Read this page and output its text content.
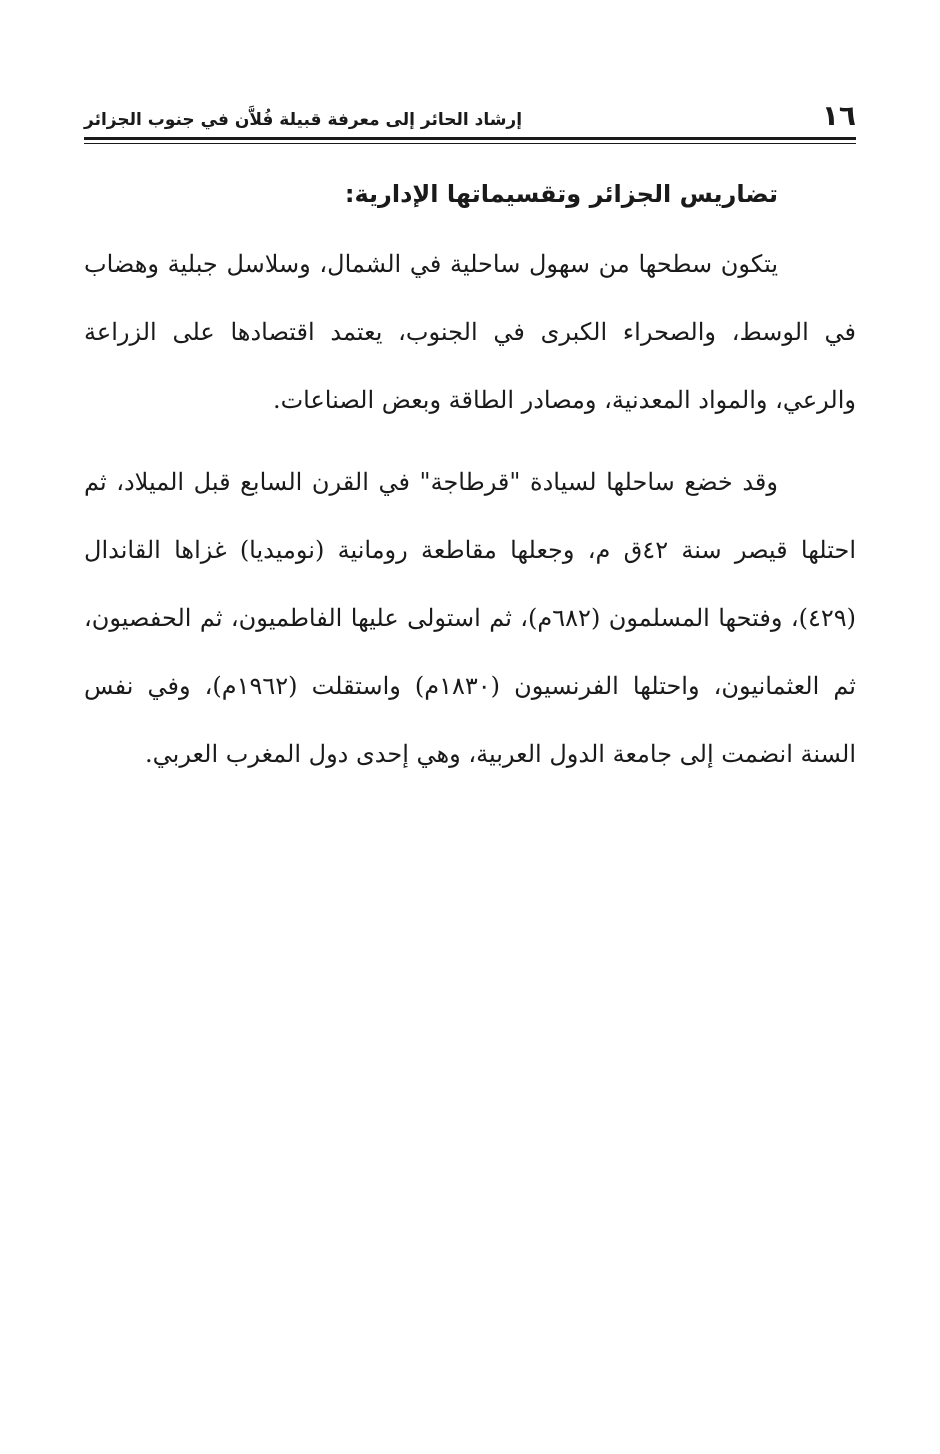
١٦
إرشاد الحائر إلى معرفة قبيلة فُلاَّن في جنوب الجزائر
تضاريس الجزائر وتقسيماتها الإدارية:

يتكون سطحها من سهول ساحلية في الشمال، وسلاسل جبلية وهضاب في الوسط، والصحراء الكبرى في الجنوب، يعتمد اقتصادها على الزراعة والرعي، والمواد المعدنية، ومصادر الطاقة وبعض الصناعات.

وقد خضع ساحلها لسيادة "قرطاجة" في القرن السابع قبل الميلاد، ثم احتلها قيصر سنة ٤٢ق م، وجعلها مقاطعة رومانية (نوميديا) غزاها القاندال (٤٢٩)، وفتحها المسلمون (٦٨٢م)، ثم استولى عليها الفاطميون، ثم الحفصيون، ثم العثمانيون، واحتلها الفرنسيون (١٨٣٠م) واستقلت (١٩٦٢م)، وفي نفس السنة انضمت إلى جامعة الدول العربية، وهي إحدى دول المغرب العربي.
